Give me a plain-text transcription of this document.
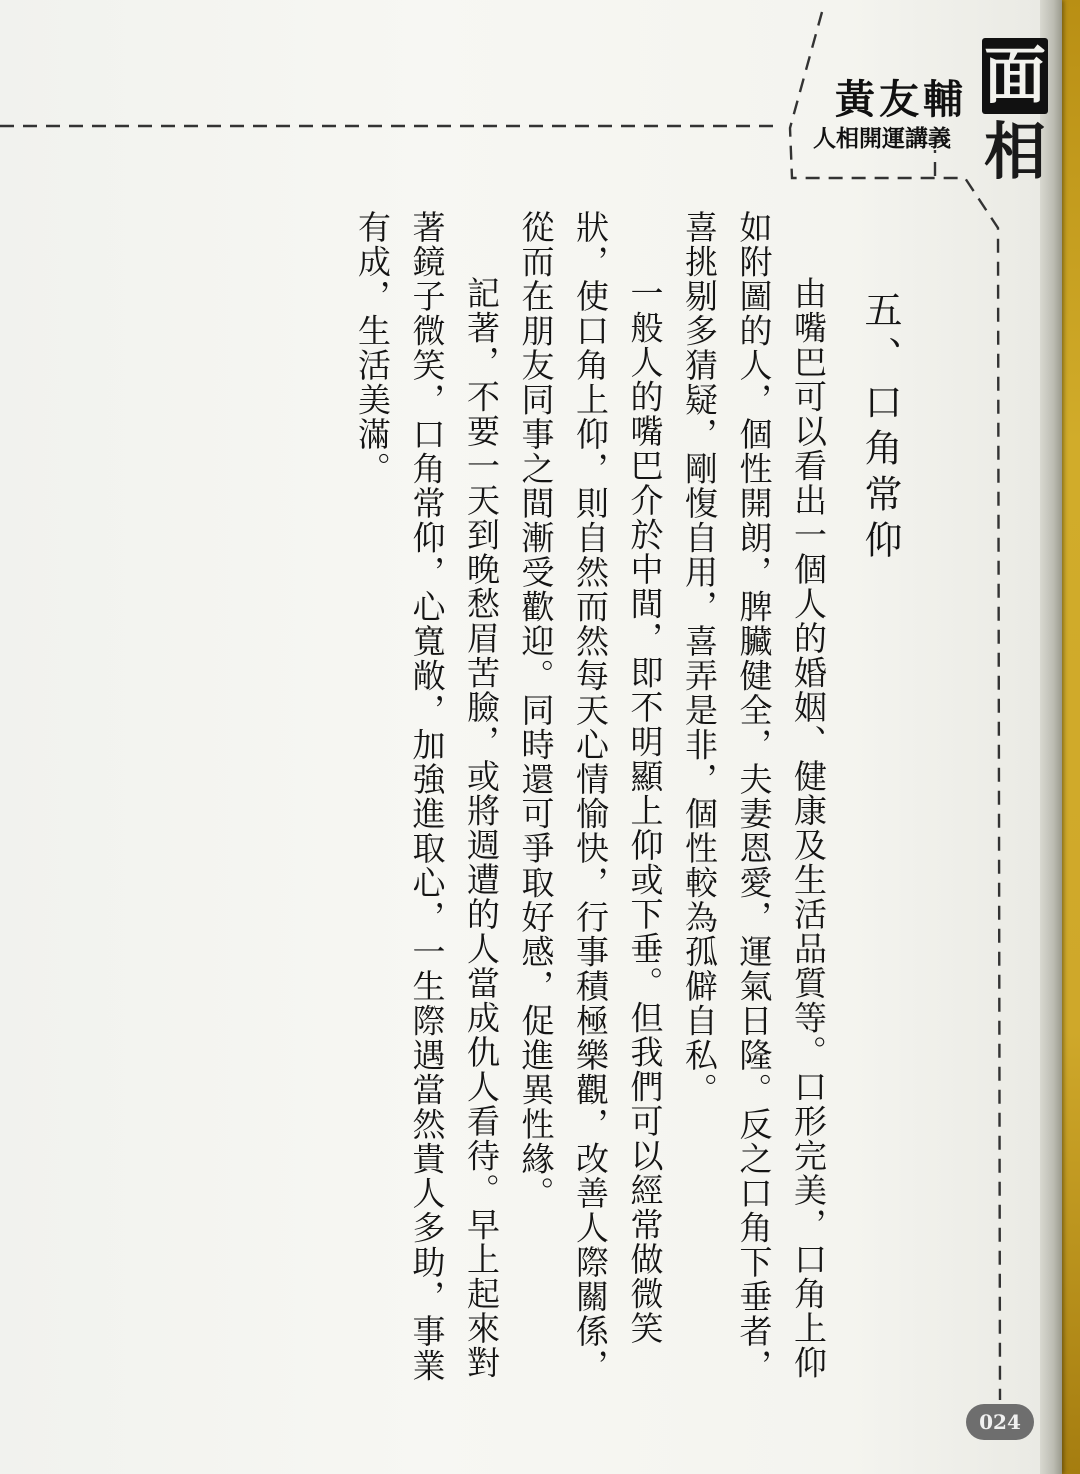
黃友輔
人相開運講義
面
相
五、口角常仰

由嘴巴可以看出一個人的婚姻、健康及生活品質等。口形完美，口角上仰如附圖的人，個性開朗，脾臟健全，夫妻恩愛，運氣日隆。反之口角下垂者，喜挑剔多猜疑，剛愎自用，喜弄是非，個性較為孤僻自私。

一般人的嘴巴介於中間，即不明顯上仰或下垂。但我們可以經常做微笑狀，使口角上仰，則自然而然每天心情愉快，行事積極樂觀，改善人際關係，從而在朋友同事之間漸受歡迎。同時還可爭取好感，促進異性緣。

記著，不要一天到晚愁眉苦臉，或將週遭的人當成仇人看待。早上起來對著鏡子微笑，口角常仰，心寬敞，加強進取心，一生際遇當然貴人多助，事業有成，生活美滿。

024
